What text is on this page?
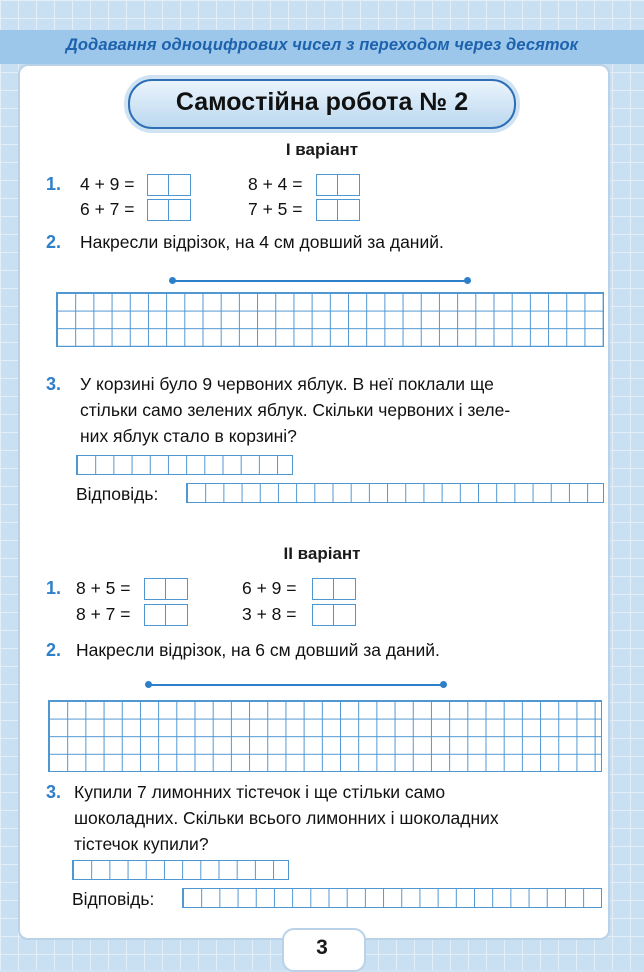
Додавання одноцифрових чисел з переходом через десяток
Самостійна робота № 2
І варіант
1. 4 + 9 =	8 + 4 =
6 + 7 =	7 + 5 =
2. Накресли відрізок, на 4 см довший за даний.
3. У корзині було 9 червоних яблук. В неї поклали ще
стільки само зелених яблук. Скільки червоних і зеле-
них яблук стало в корзині?
Відповідь:
ІІ варіант
1. 8 + 5 =	6 + 9 =
8 + 7 =	3 + 8 =
2. Накресли відрізок, на 6 см довший за даний.
3. Купили 7 лимонних тістечок і ще стільки само
шоколадних. Скільки всього лимонних і шоколадних
тістечок купили?
Відповідь:
3
